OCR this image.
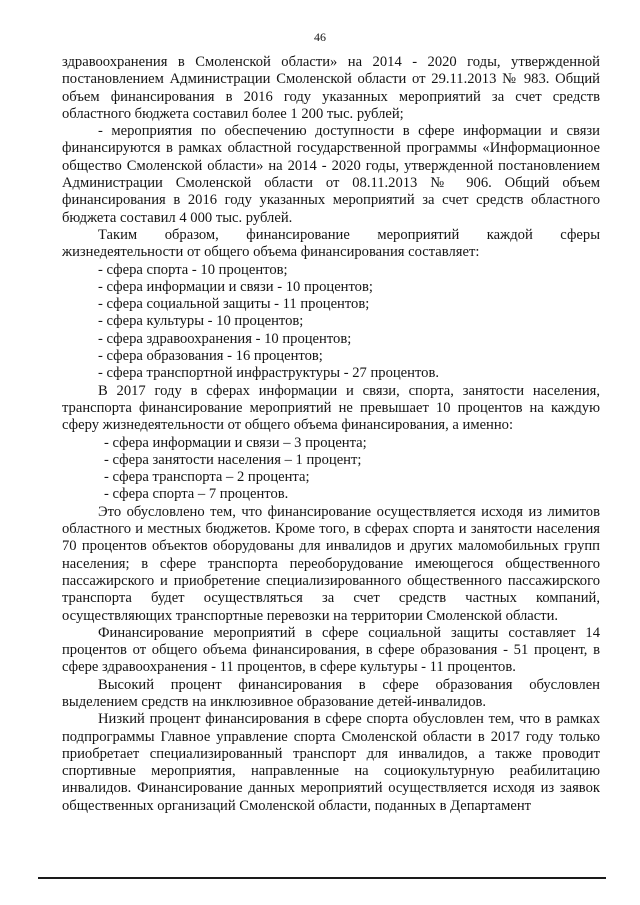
46

здравоохранения в Смоленской области» на 2014 - 2020 годы, утвержденной постановлением Администрации Смоленской области от 29.11.2013 № 983. Общий объем финансирования в 2016 году указанных мероприятий за счет средств областного бюджета составил более 1 200 тыс. рублей;

- мероприятия по обеспечению доступности в сфере информации и связи финансируются в рамках областной государственной программы «Информационное общество Смоленской области» на 2014 - 2020 годы, утвержденной постановлением Администрации Смоленской области от 08.11.2013 № 906. Общий объем финансирования в 2016 году указанных мероприятий за счет средств областного бюджета составил 4 000 тыс. рублей.

Таким образом, финансирование мероприятий каждой сферы жизнедеятельности от общего объема финансирования составляет:

- сфера спорта - 10 процентов;

- сфера информации и связи - 10 процентов;

- сфера социальной защиты - 11 процентов;

- сфера культуры - 10 процентов;

- сфера здравоохранения - 10 процентов;

- сфера образования - 16 процентов;

- сфера транспортной инфраструктуры - 27 процентов.

В 2017 году в сферах информации и связи, спорта, занятости населения, транспорта финансирование мероприятий не превышает 10 процентов на каждую сферу жизнедеятельности от общего объема финансирования, а именно:

- сфера информации и связи – 3 процента;

- сфера занятости населения – 1 процент;

- сфера транспорта – 2 процента;

- сфера спорта – 7 процентов.

Это обусловлено тем, что финансирование осуществляется исходя из лимитов областного и местных бюджетов. Кроме того, в сферах спорта и занятости населения 70 процентов объектов оборудованы для инвалидов и других маломобильных групп населения; в сфере транспорта переоборудование имеющегося общественного пассажирского и приобретение специализированного общественного пассажирского транспорта будет осуществляться за счет средств частных компаний, осуществляющих транспортные перевозки на территории Смоленской области.

Финансирование мероприятий в сфере социальной защиты составляет 14 процентов от общего объема финансирования, в сфере образования - 51 процент, в сфере здравоохранения - 11 процентов, в сфере культуры - 11 процентов.

Высокий процент финансирования в сфере образования обусловлен выделением средств на инклюзивное образование детей-инвалидов.

Низкий процент финансирования в сфере спорта обусловлен тем, что в рамках подпрограммы Главное управление спорта Смоленской области в 2017 году только приобретает специализированный транспорт для инвалидов, а также проводит спортивные мероприятия, направленные на социокультурную реабилитацию инвалидов. Финансирование данных мероприятий осуществляется исходя из заявок общественных организаций Смоленской области, поданных в Департамент
